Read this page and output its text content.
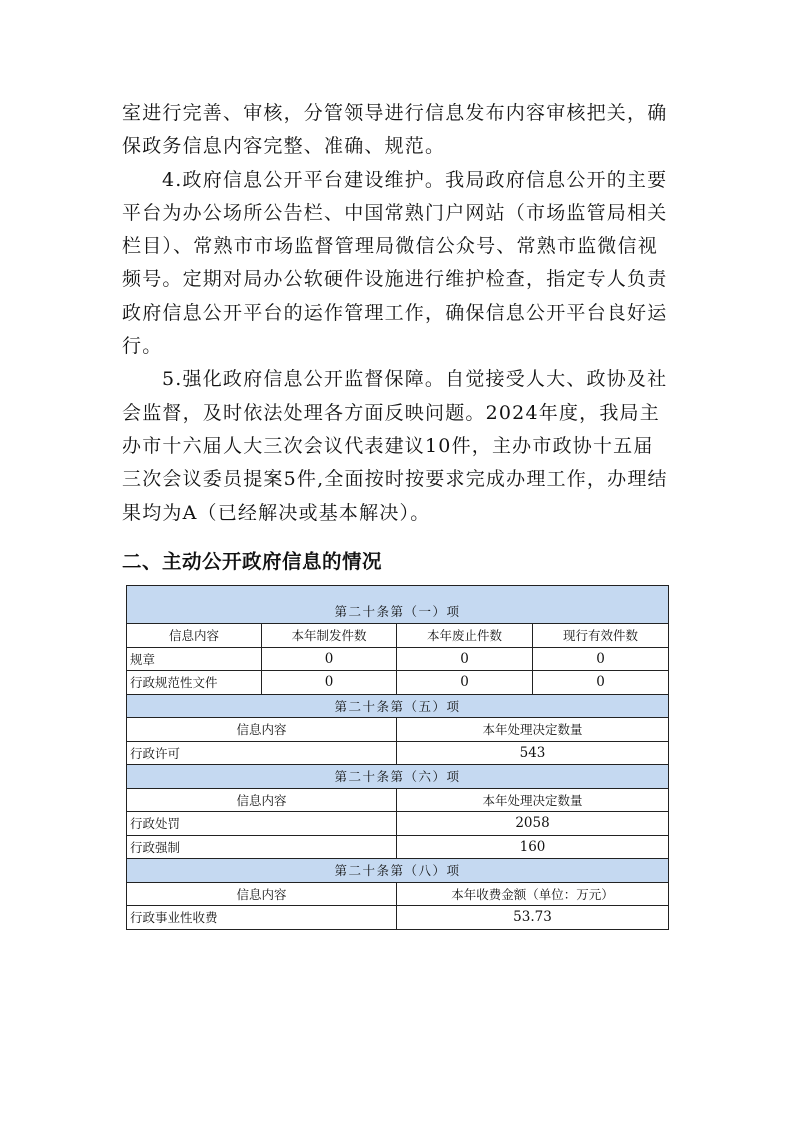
室进行完善、审核，分管领导进行信息发布内容审核把关，确保政务信息内容完整、准确、规范。

4.政府信息公开平台建设维护。我局政府信息公开的主要平台为办公场所公告栏、中国常熟门户网站（市场监管局相关栏目）、常熟市市场监督管理局微信公众号、常熟市监微信视频号。定期对局办公软硬件设施进行维护检查，指定专人负责政府信息公开平台的运作管理工作，确保信息公开平台良好运行。

5.强化政府信息公开监督保障。自觉接受人大、政协及社会监督，及时依法处理各方面反映问题。2024年度，我局主办市十六届人大三次会议代表建议10件，主办市政协十五届三次会议委员提案5件,全面按时按要求完成办理工作，办理结果均为A（已经解决或基本解决）。

二、主动公开政府信息的情况
第二十条第（一）项			
信息内容	本年制发件数	本年废止件数	现行有效件数
规章	0	0	0
行政规范性文件	0	0	0
第二十条第（五）项			
信息内容		本年处理决定数量	
行政许可		543	
第二十条第（六）项			
信息内容		本年处理决定数量	
行政处罚		2058	
行政强制		160	
第二十条第（八）项			
信息内容		本年收费金额（单位：万元）	
行政事业性收费		53.73	
